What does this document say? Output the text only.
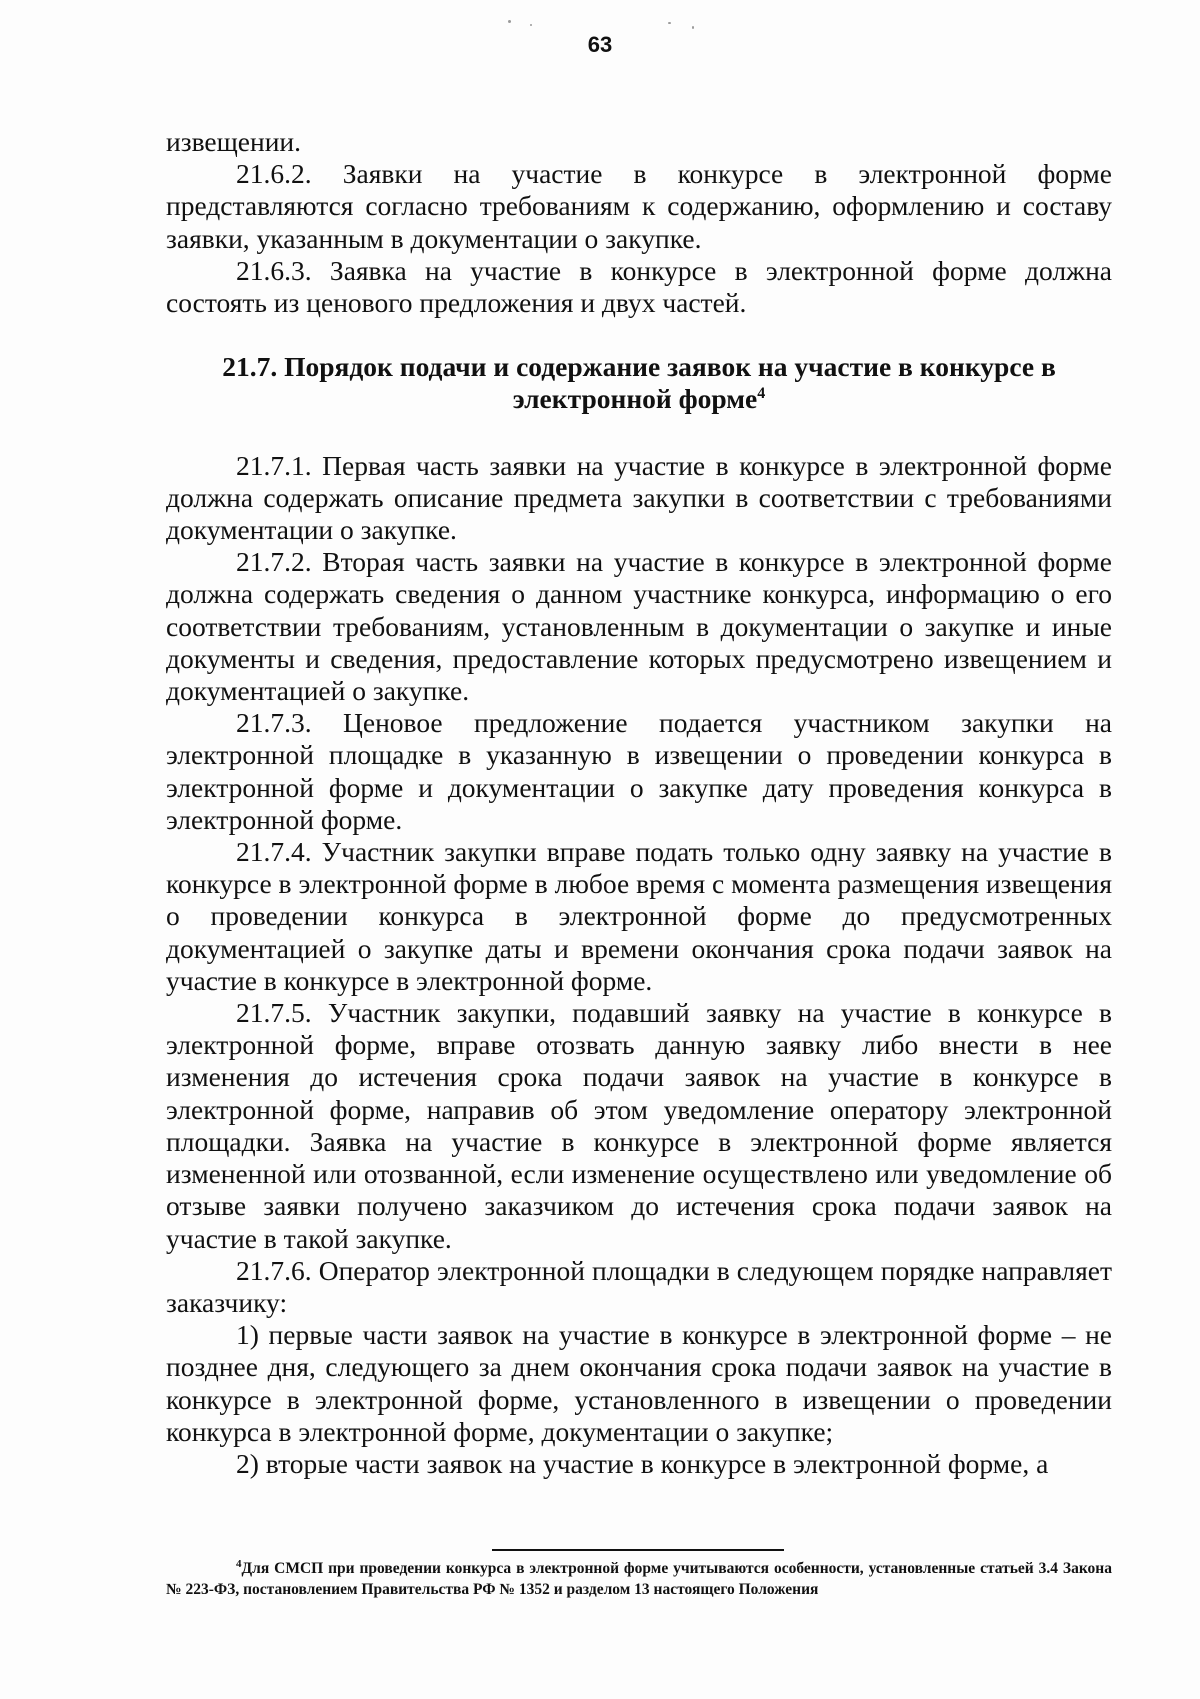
63

извещении.

21.6.2. Заявки на участие в конкурсе в электронной форме представляются согласно требованиям к содержанию, оформлению и составу заявки, указанным в документации о закупке.

21.6.3. Заявка на участие в конкурсе в электронной форме должна состоять из ценового предложения и двух частей.

21.7. Порядок подачи и содержание заявок на участие в конкурсе в электронной форме$^4$

21.7.1. Первая часть заявки на участие в конкурсе в электронной форме должна содержать описание предмета закупки в соответствии с требованиями документации о закупке.

21.7.2. Вторая часть заявки на участие в конкурсе в электронной форме должна содержать сведения о данном участнике конкурса, информацию о его соответствии требованиям, установленным в документации о закупке и иные документы и сведения, предоставление которых предусмотрено извещением и документацией о закупке.

21.7.3. Ценовое предложение подается участником закупки на электронной площадке в указанную в извещении о проведении конкурса в электронной форме и документации о закупке дату проведения конкурса в электронной форме.

21.7.4. Участник закупки вправе подать только одну заявку на участие в конкурсе в электронной форме в любое время с момента размещения извещения о проведении конкурса в электронной форме до предусмотренных документацией о закупке даты и времени окончания срока подачи заявок на участие в конкурсе в электронной форме.

21.7.5. Участник закупки, подавший заявку на участие в конкурсе в электронной форме, вправе отозвать данную заявку либо внести в нее изменения до истечения срока подачи заявок на участие в конкурсе в электронной форме, направив об этом уведомление оператору электронной площадки. Заявка на участие в конкурсе в электронной форме является измененной или отозванной, если изменение осуществлено или уведомление об отзыве заявки получено заказчиком до истечения срока подачи заявок на участие в такой закупке.

21.7.6. Оператор электронной площадки в следующем порядке направляет заказчику:

1) первые части заявок на участие в конкурсе в электронной форме – не позднее дня, следующего за днем окончания срока подачи заявок на участие в конкурсе в электронной форме, установленного в извещении о проведении конкурса в электронной форме, документации о закупке;

2) вторые части заявок на участие в конкурсе в электронной форме, а

$^4$Для СМСП при проведении конкурса в электронной форме учитываются особенности, установленные статьей 3.4 Закона № 223-ФЗ, постановлением Правительства РФ № 1352 и разделом 13 настоящего Положения
